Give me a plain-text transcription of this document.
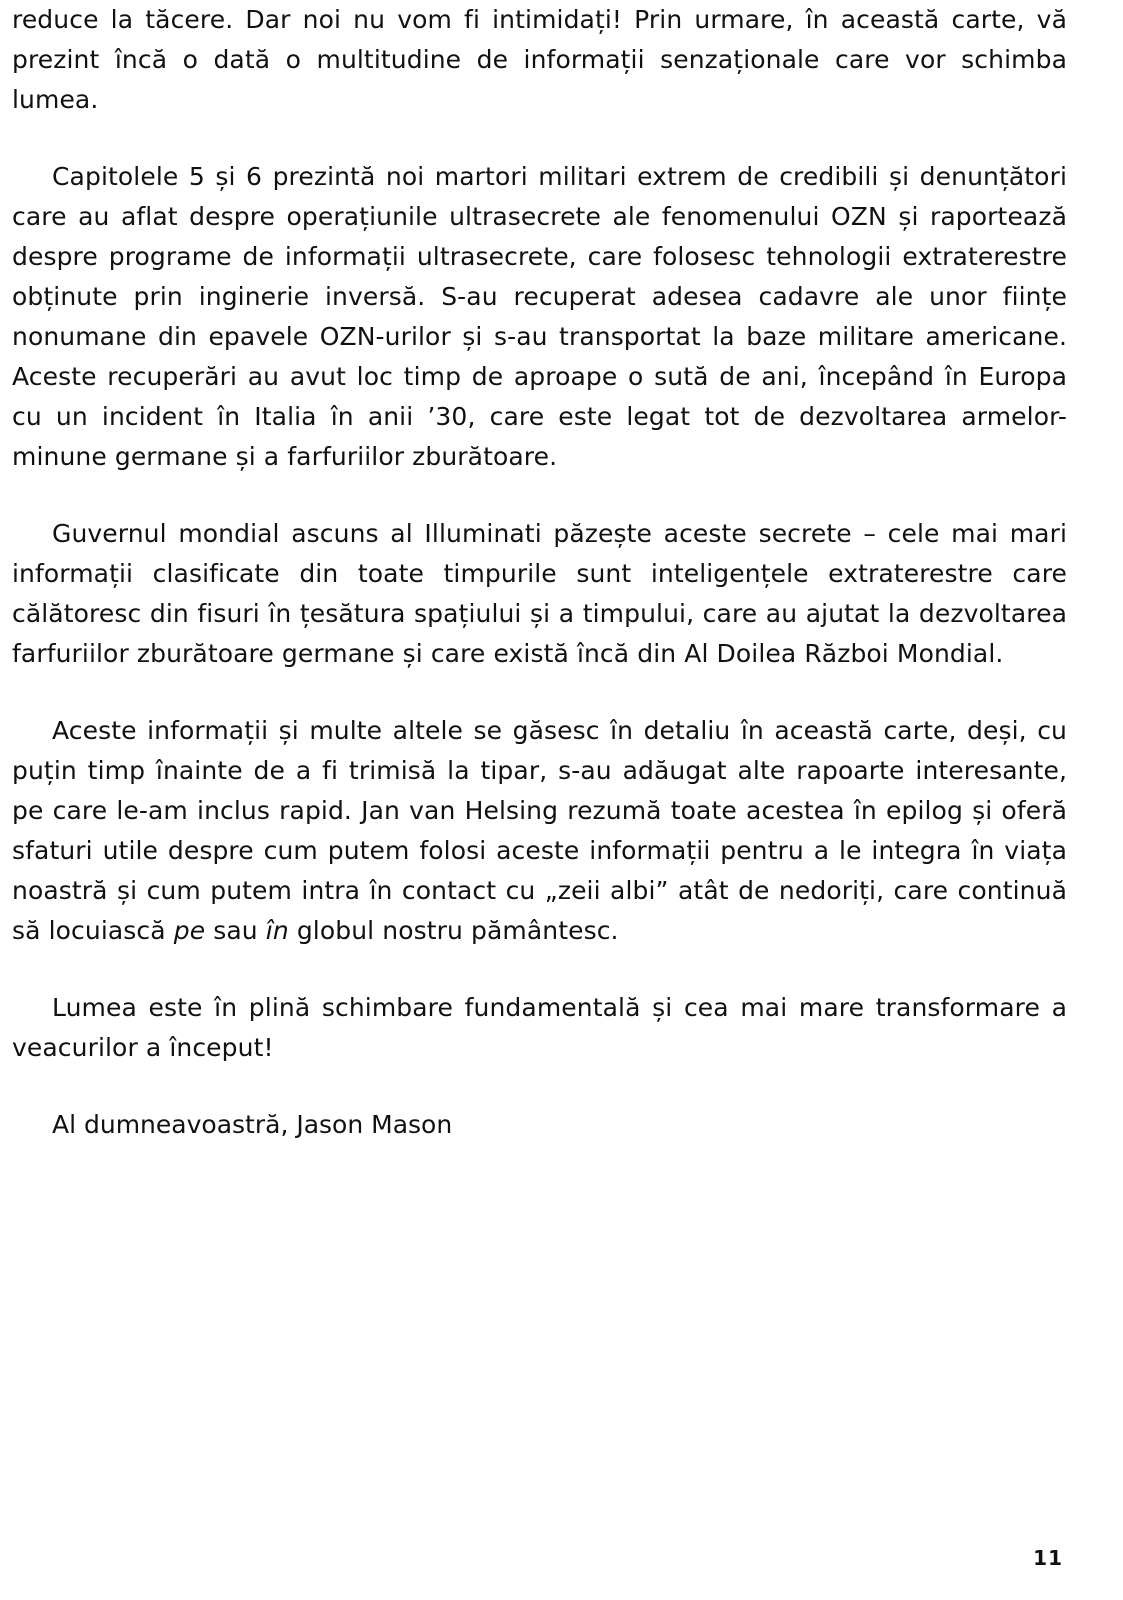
reduce la tăcere. Dar noi nu vom fi intimidați! Prin urmare, în această carte, vă prezint încă o dată o multitudine de informații senzaționale care vor schimba lumea.

Capitolele 5 și 6 prezintă noi martori militari extrem de credibili și denunțători care au aflat despre operațiunile ultrasecrete ale fenomenului OZN și raportează despre programe de informații ultrasecrete, care folosesc tehnologii extraterestre obținute prin inginerie inversă. S-au recuperat adesea cadavre ale unor ființe nonumane din epavele OZN-urilor și s-au transportat la baze militare americane. Aceste recuperări au avut loc timp de aproape o sută de ani, începând în Europa cu un incident în Italia în anii ’30, care este legat tot de dezvoltarea armelor-minune germane și a farfuriilor zburătoare.

Guvernul mondial ascuns al Illuminati păzește aceste secrete – cele mai mari informații clasificate din toate timpurile sunt inteligențele extraterestre care călătoresc din fisuri în țesătura spațiului și a timpului, care au ajutat la dezvoltarea farfuriilor zburătoare germane și care există încă din Al Doilea Război Mondial.

Aceste informații și multe altele se găsesc în detaliu în această carte, deși, cu puțin timp înainte de a fi trimisă la tipar, s-au adăugat alte rapoarte interesante, pe care le-am inclus rapid. Jan van Helsing rezumă toate acestea în epilog și oferă sfaturi utile despre cum putem folosi aceste informații pentru a le integra în viața noastră și cum putem intra în contact cu „zeii albi” atât de nedoriți, care continuă să locuiască pe sau în globul nostru pământesc.

Lumea este în plină schimbare fundamentală și cea mai mare transformare a veacurilor a început!

Al dumneavoastră, Jason Mason

11
